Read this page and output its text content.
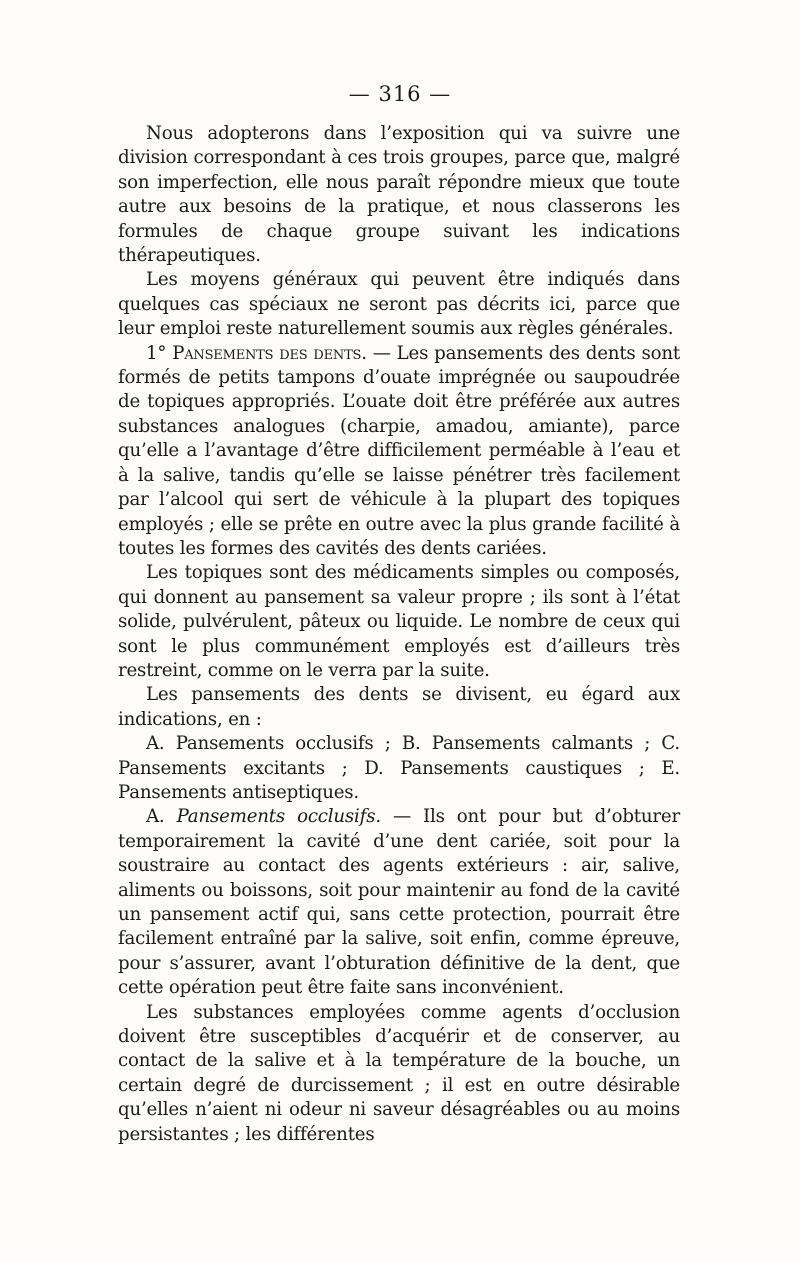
— 316 —

Nous adopterons dans l’exposition qui va suivre une division correspondant à ces trois groupes, parce que, malgré son imperfection, elle nous paraît répondre mieux que toute autre aux besoins de la pratique, et nous classerons les formules de chaque groupe suivant les indications thérapeutiques.

Les moyens généraux qui peuvent être indiqués dans quelques cas spéciaux ne seront pas décrits ici, parce que leur emploi reste naturellement soumis aux règles générales.

1° Pansements des dents. — Les pansements des dents sont formés de petits tampons d’ouate imprégnée ou saupoudrée de topiques appropriés. L’ouate doit être préférée aux autres substances analogues (charpie, amadou, amiante), parce qu’elle a l’avantage d’être difficilement perméable à l’eau et à la salive, tandis qu’elle se laisse pénétrer très facilement par l’alcool qui sert de véhicule à la plupart des topiques employés ; elle se prête en outre avec la plus grande facilité à toutes les formes des cavités des dents cariées.

Les topiques sont des médicaments simples ou composés, qui donnent au pansement sa valeur propre ; ils sont à l’état solide, pulvérulent, pâteux ou liquide. Le nombre de ceux qui sont le plus communément employés est d’ailleurs très restreint, comme on le verra par la suite.

Les pansements des dents se divisent, eu égard aux indications, en :

A. Pansements occlusifs ; B. Pansements calmants ; C. Pansements excitants ; D. Pansements caustiques ; E. Pansements antiseptiques.

A. Pansements occlusifs. — Ils ont pour but d’obturer temporairement la cavité d’une dent cariée, soit pour la soustraire au contact des agents extérieurs : air, salive, aliments ou boissons, soit pour maintenir au fond de la cavité un pansement actif qui, sans cette protection, pourrait être facilement entraîné par la salive, soit enfin, comme épreuve, pour s’assurer, avant l’obturation définitive de la dent, que cette opération peut être faite sans inconvénient.

Les substances employées comme agents d’occlusion doivent être susceptibles d’acquérir et de conserver, au contact de la salive et à la température de la bouche, un certain degré de durcissement ; il est en outre désirable qu’elles n’aient ni odeur ni saveur désagréables ou au moins persistantes ; les différentes
